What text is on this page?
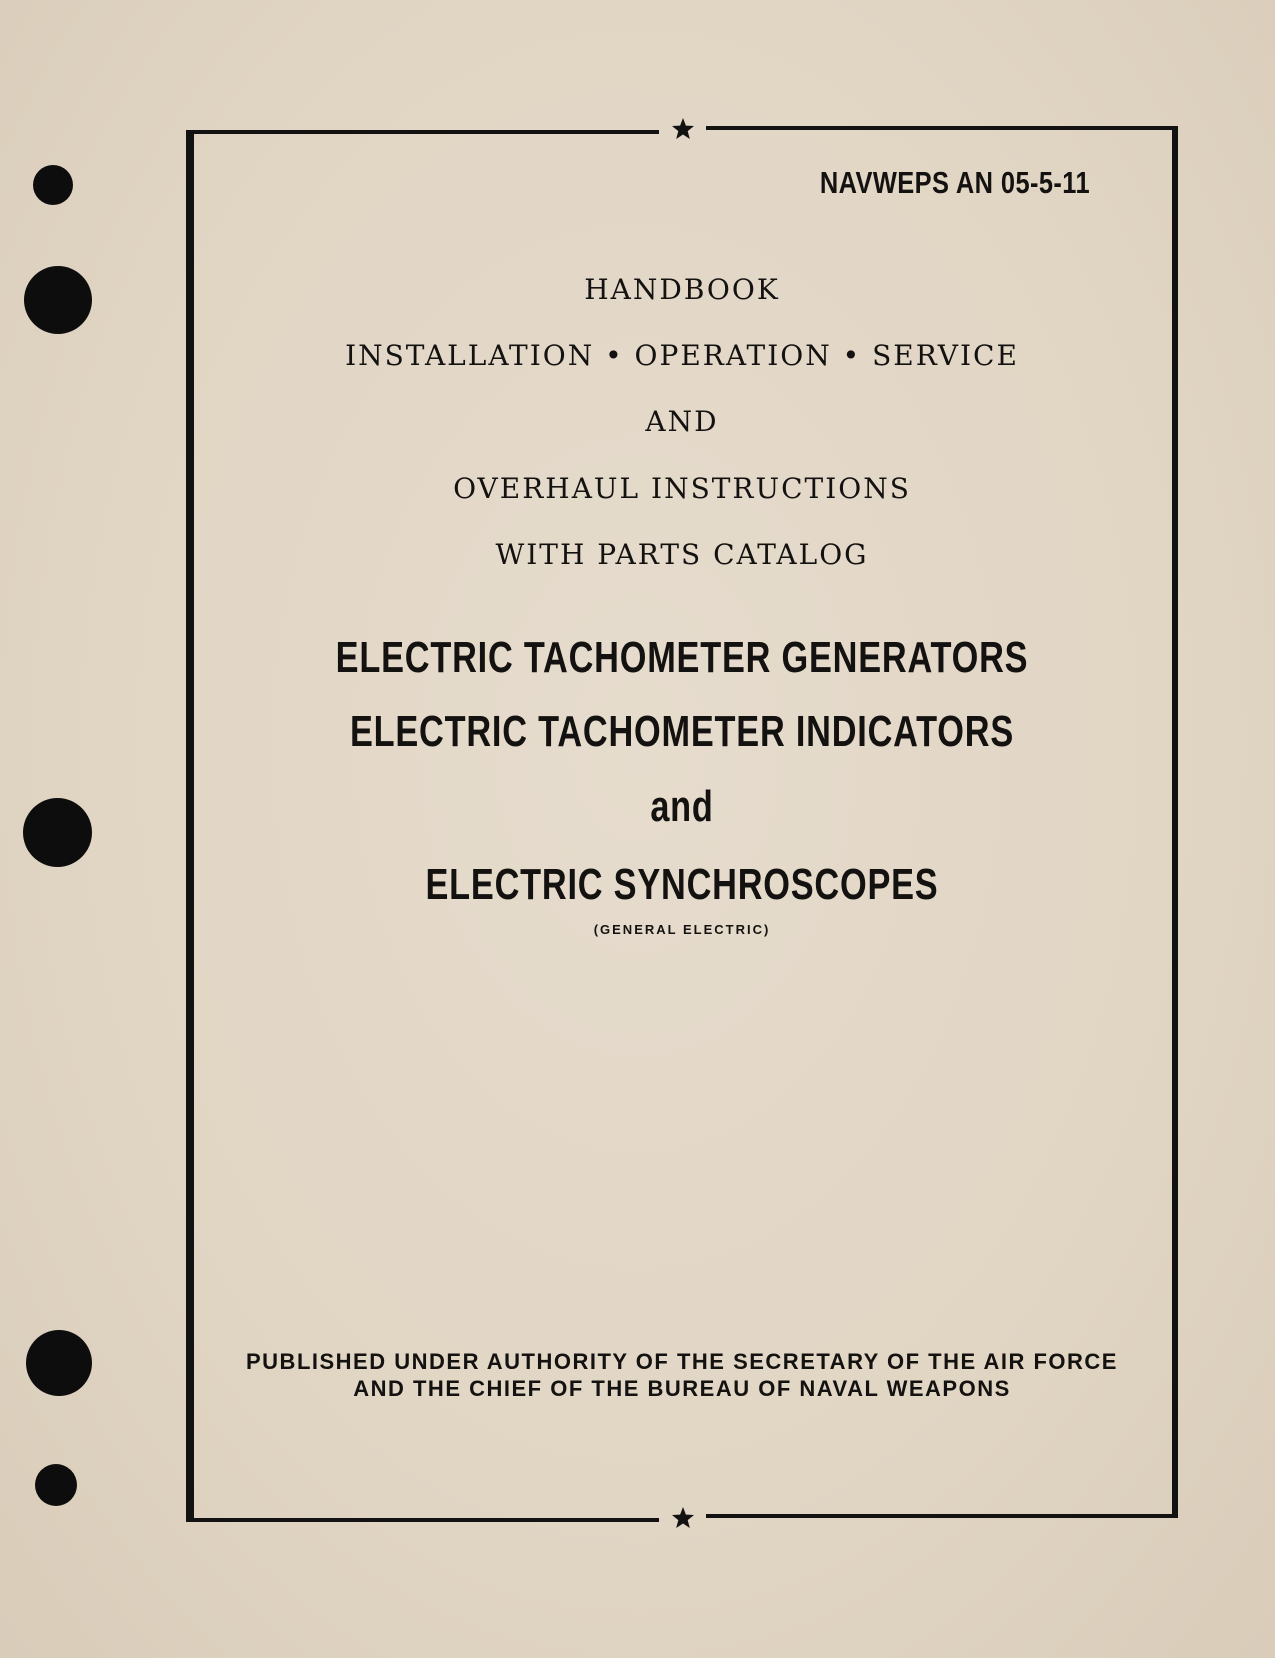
NAVWEPS AN 05-5-11
HANDBOOK
INSTALLATION • OPERATION • SERVICE
AND
OVERHAUL INSTRUCTIONS
WITH PARTS CATALOG
ELECTRIC TACHOMETER GENERATORS
ELECTRIC TACHOMETER INDICATORS
and
ELECTRIC SYNCHROSCOPES
(GENERAL ELECTRIC)
PUBLISHED UNDER AUTHORITY OF THE SECRETARY OF THE AIR FORCE
AND THE CHIEF OF THE BUREAU OF NAVAL WEAPONS
